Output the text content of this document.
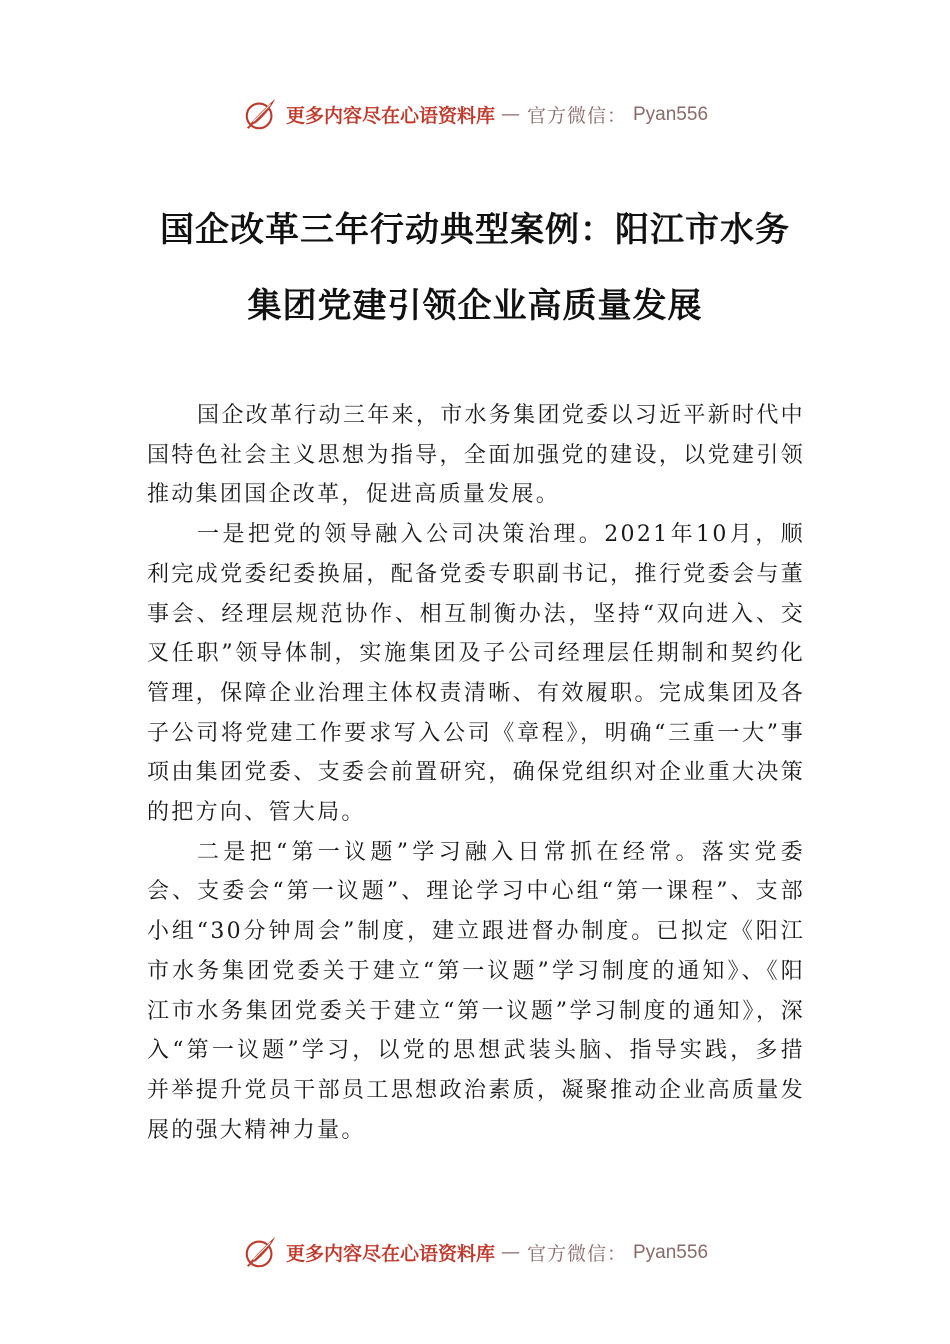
更多内容尽在心语资料库 — 官方微信： Pyan556
国企改革三年行动典型案例：阳江市水务
集团党建引领企业高质量发展

国企改革行动三年来，市水务集团党委以习近平新时代中国特色社会主义思想为指导，全面加强党的建设，以党建引领推动集团国企改革，促进高质量发展。

一是把党的领导融入公司决策治理。2021年10月，顺利完成党委纪委换届，配备党委专职副书记，推行党委会与董事会、经理层规范协作、相互制衡办法，坚持“双向进入、交叉任职”领导体制，实施集团及子公司经理层任期制和契约化管理，保障企业治理主体权责清晰、有效履职。完成集团及各子公司将党建工作要求写入公司《章程》，明确“三重一大”事项由集团党委、支委会前置研究，确保党组织对企业重大决策的把方向、管大局。

二是把“第一议题”学习融入日常抓在经常。落实党委会、支委会“第一议题”、理论学习中心组“第一课程”、支部小组“30分钟周会”制度，建立跟进督办制度。已拟定《阳江市水务集团党委关于建立“第一议题”学习制度的通知》、《阳江市水务集团党委关于建立“第一议题”学习制度的通知》，深入“第一议题”学习，以党的思想武装头脑、指导实践，多措并举提升党员干部员工思想政治素质，凝聚推动企业高质量发展的强大精神力量。

更多内容尽在心语资料库 — 官方微信： Pyan556
